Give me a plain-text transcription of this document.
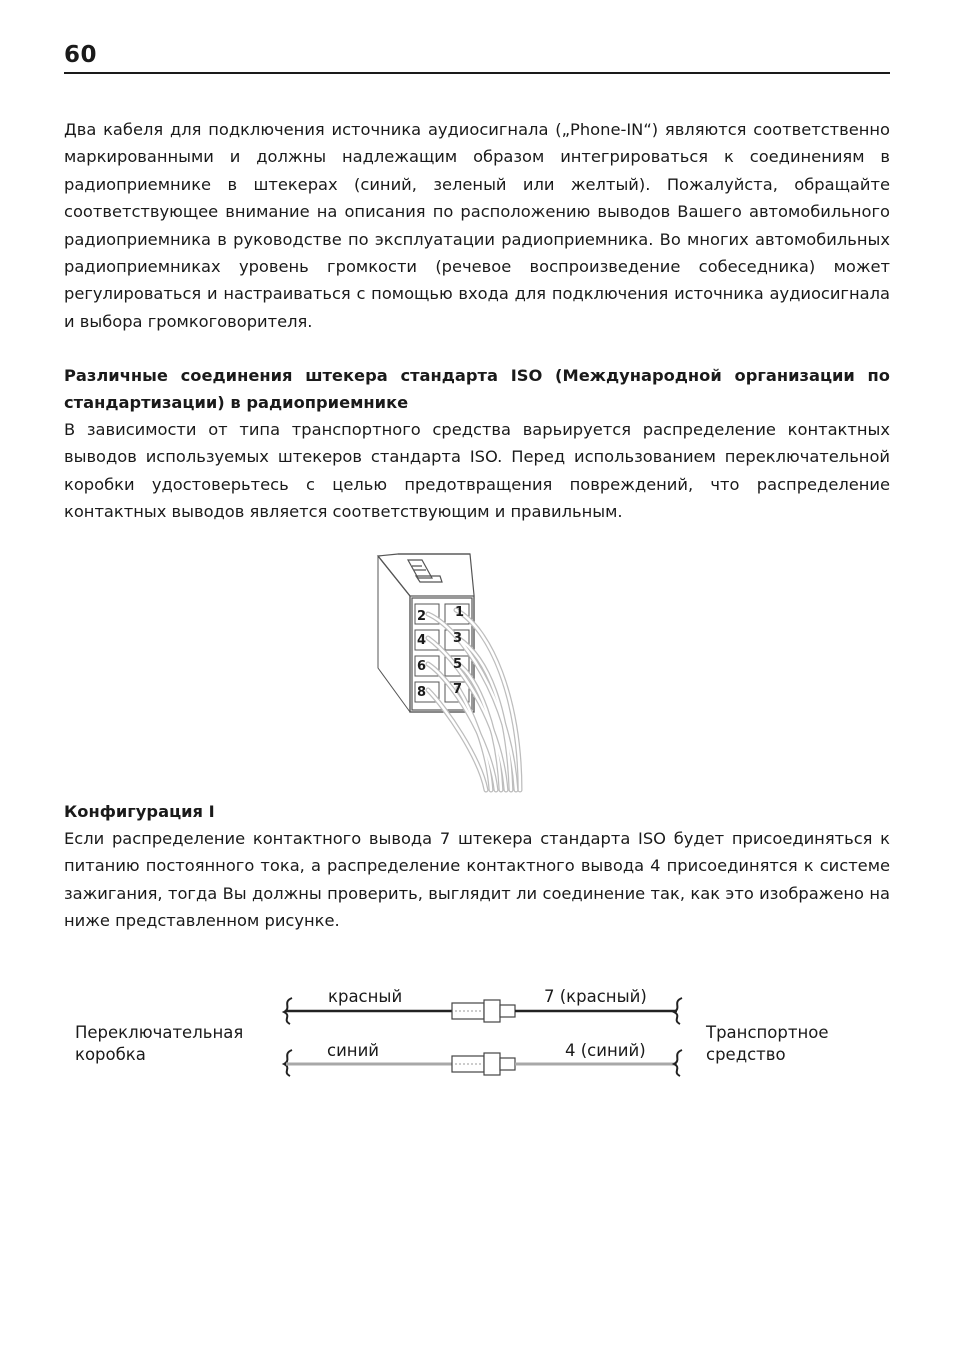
60

Два кабеля для подключения источника аудиосигнала („Phone-IN“) являются соответственно маркированными и должны надлежащим образом интегрироваться к соединениям в радиоприемнике в штекерах (синий, зеленый или желтый). Пожалуйста, обращайте соответствующее внимание на описания по расположению выводов Вашего автомобильного радиоприемника в руководстве по эксплуатации радиоприемника. Во многих автомобильных радиоприемниках уровень громкости (речевое воспроизведение собеседника) может регулироваться и настраиваться с помощью входа для подключения источника аудиосигнала и выбора громкоговорителя.

Различные соединения штекера стандарта ISO (Международной организации по стандартизации) в радиоприемнике

В зависимости от типа транспортного средства варьируется распределение контактных выводов используемых штекеров стандарта ISO. Перед использованием переключательной коробки удостоверьтесь с целью предотвращения повреждений, что распределение контактных выводов является соответствующим и правильным.

1
2
3
4
5
6
7
8

Конфигурация I

Если распределение контактного вывода 7 штекера стандарта ISO будет присоединяться к питанию постоянного тока, а распределение контактного вывода 4 присоединятся к системе зажигания, тогда Вы должны проверить, выглядит ли соединение так, как это изображено на ниже представленном рисунке.

Переключательная
коробка
Транспортное
средство
красный	7 (красный)
синий	4 (синий)
